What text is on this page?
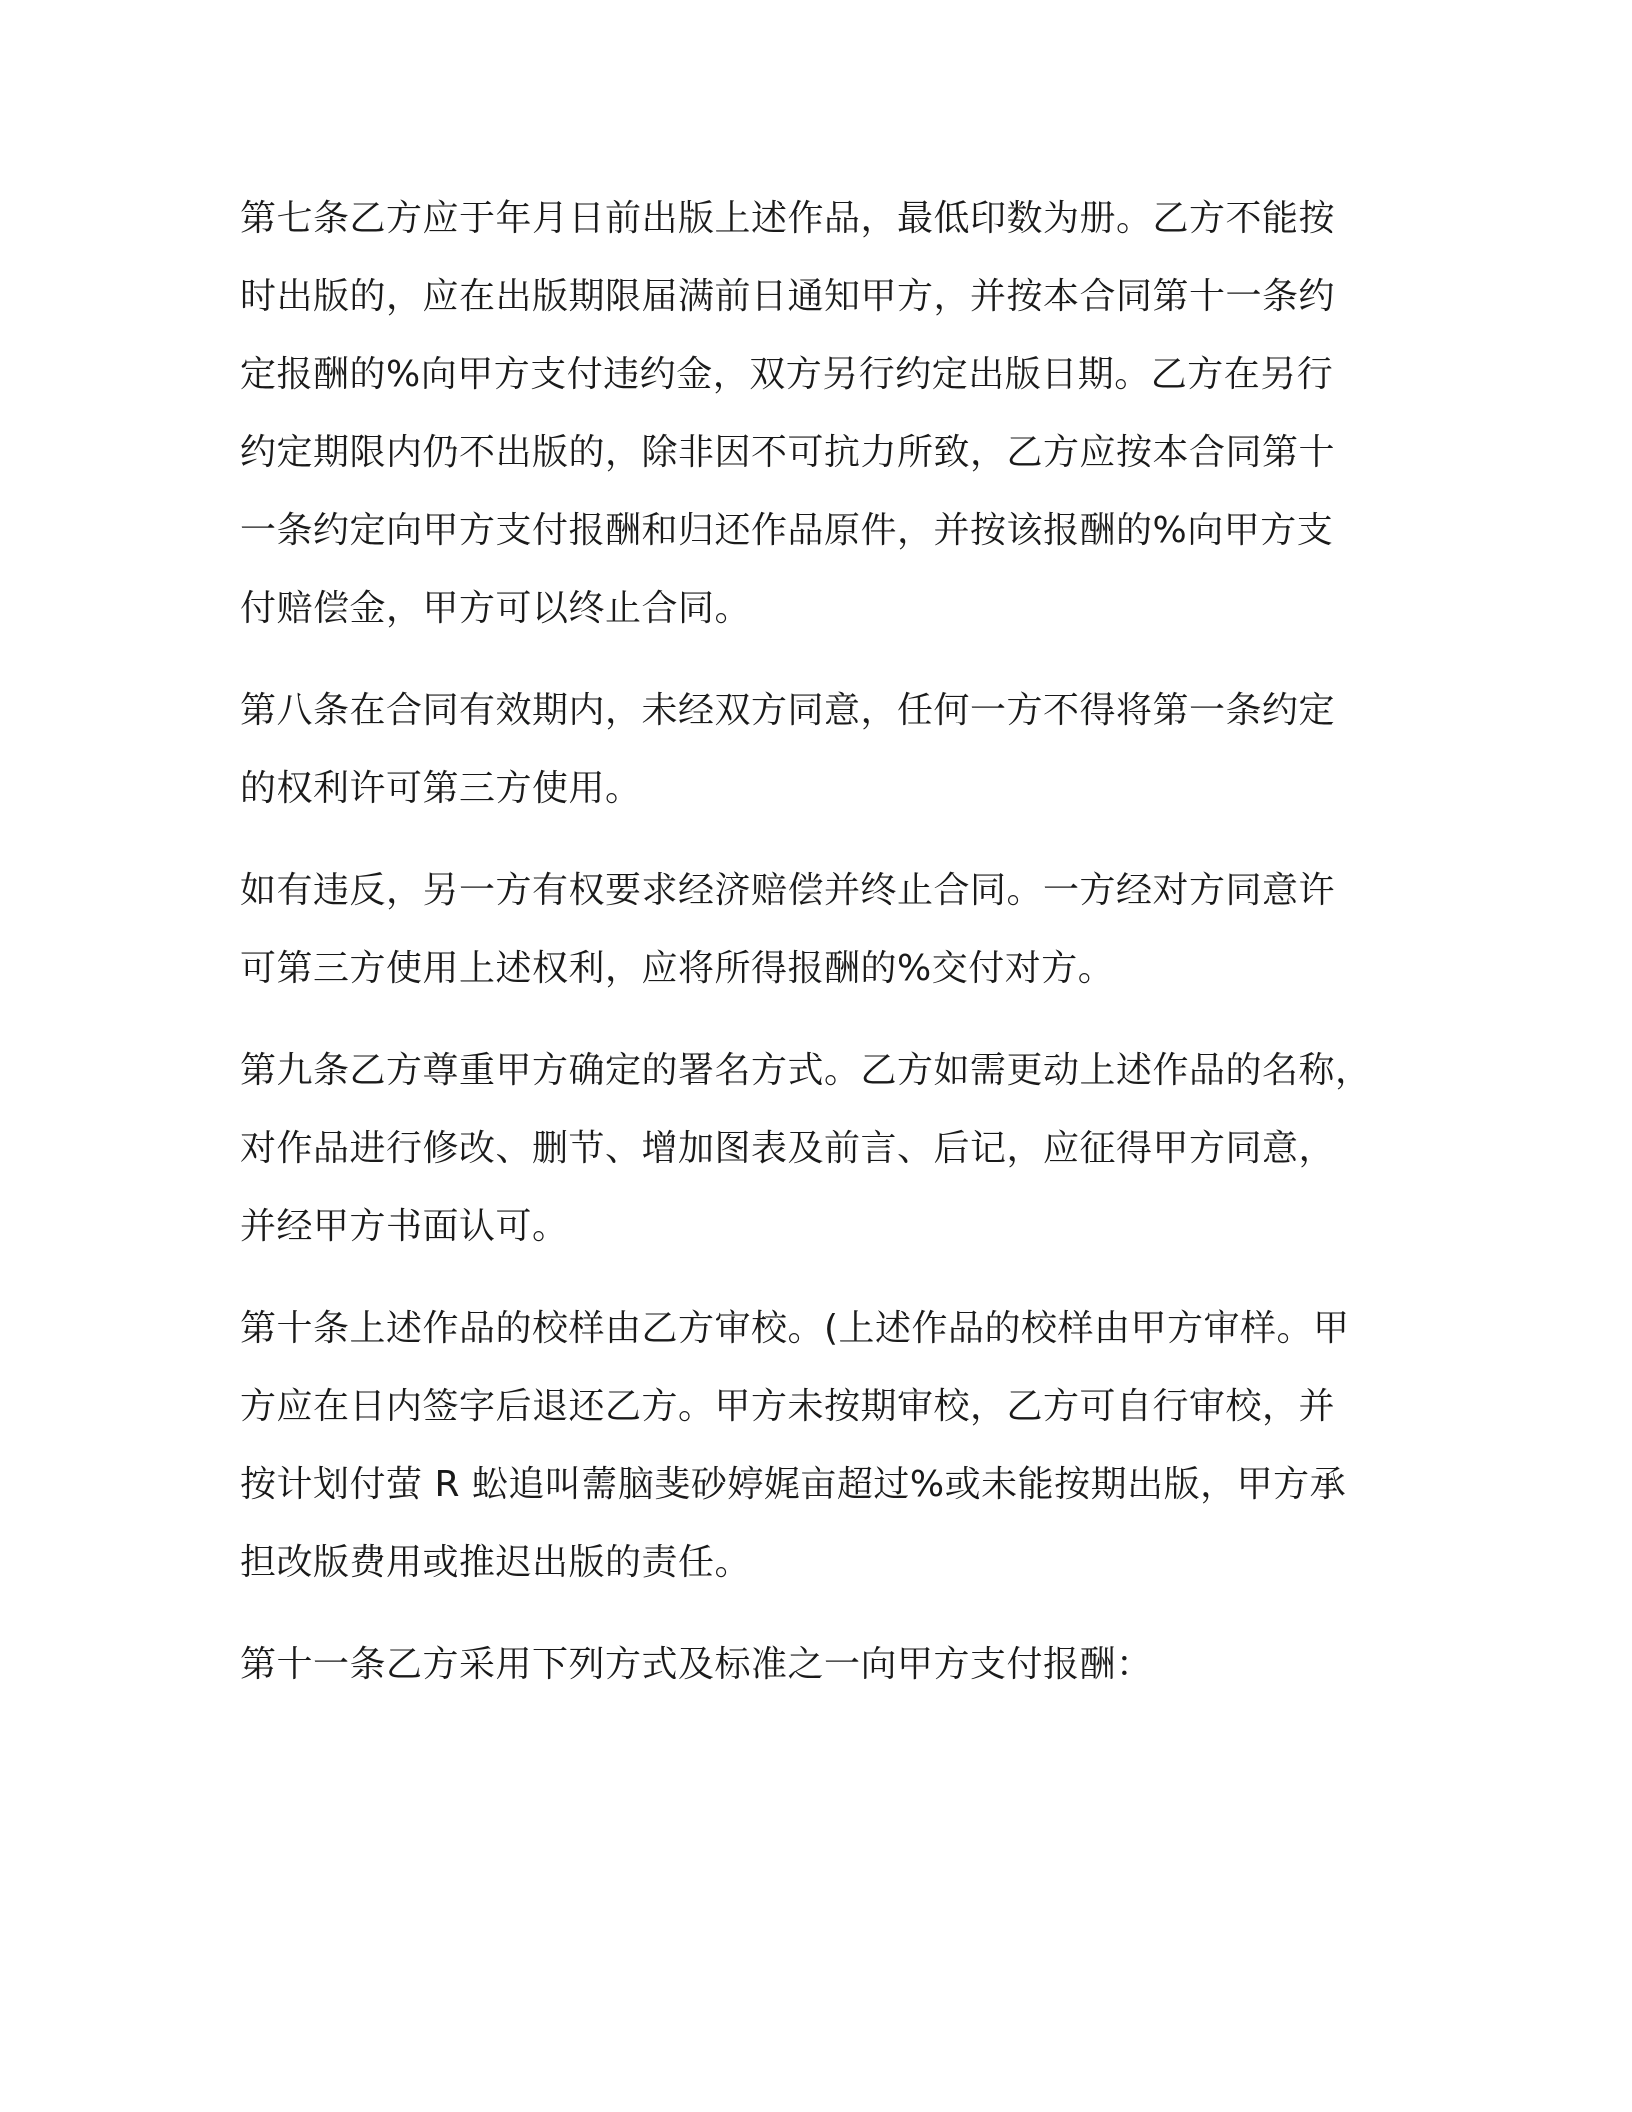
第七条乙方应于年月日前出版上述作品，最低印数为册。乙方不能按
时出版的，应在出版期限届满前日通知甲方，并按本合同第十一条约
定报酬的%向甲方支付违约金，双方另行约定出版日期。乙方在另行
约定期限内仍不出版的，除非因不可抗力所致，乙方应按本合同第十
一条约定向甲方支付报酬和归还作品原件，并按该报酬的%向甲方支
付赔偿金，甲方可以终止合同。

第八条在合同有效期内，未经双方同意，任何一方不得将第一条约定
的权利许可第三方使用。

如有违反，另一方有权要求经济赔偿并终止合同。一方经对方同意许
可第三方使用上述权利，应将所得报酬的%交付对方。

第九条乙方尊重甲方确定的署名方式。乙方如需更动上述作品的名称，
对作品进行修改、删节、增加图表及前言、后记，应征得甲方同意，
并经甲方书面认可。

第十条上述作品的校样由乙方审校。(上述作品的校样由甲方审样。甲
方应在日内签字后退还乙方。甲方未按期审校，乙方可自行审校，并
按计划付萤 R 蚣追叫薷脑斐砂婷娓亩超过%或未能按期出版，甲方承
担改版费用或推迟出版的责任。

第十一条乙方采用下列方式及标准之一向甲方支付报酬：
